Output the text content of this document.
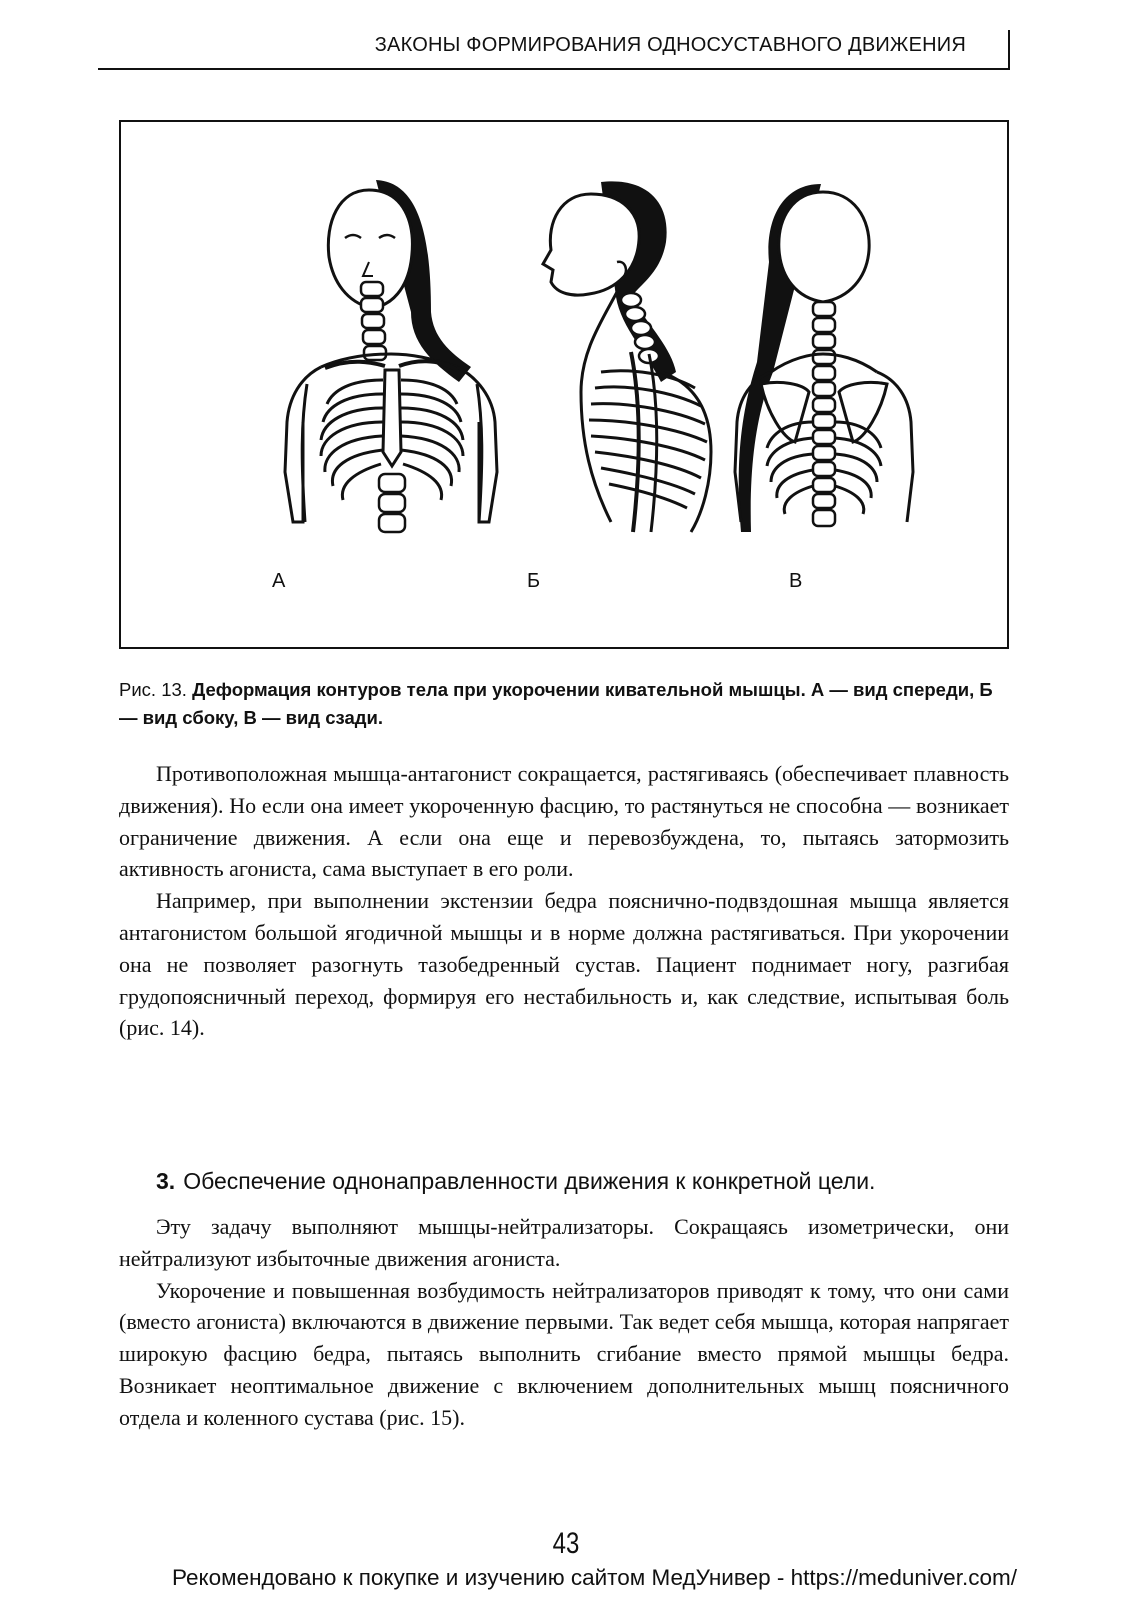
ЗАКОНЫ ФОРМИРОВАНИЯ ОДНОСУСТАВНОГО ДВИЖЕНИЯ
А	Б	В
Рис. 13. Деформация контуров тела при укорочении кивательной мышцы. А — вид спереди, Б — вид сбоку, В — вид сзади.

Противоположная мышца-антагонист сокращается, растягиваясь (обеспечивает плавность движения). Но если она имеет укороченную фасцию, то растянуться не способна — возникает ограничение движения. А если она еще и перевозбуждена, то, пытаясь затормозить активность агониста, сама выступает в его роли.

Например, при выполнении экстензии бедра пояснично-подвздошная мышца является антагонистом большой ягодичной мышцы и в норме должна растягиваться. При укорочении она не позволяет разогнуть тазобедренный сустав. Пациент поднимает ногу, разгибая грудопоясничный переход, формируя его нестабильность и, как следствие, испытывая боль (рис. 14).

3. Обеспечение однонаправленности движения к конкретной цели.

Эту задачу выполняют мышцы-нейтрализаторы. Сокращаясь изометрически, они нейтрализуют избыточные движения агониста.

Укорочение и повышенная возбудимость нейтрализаторов приводят к тому, что они сами (вместо агониста) включаются в движение первыми. Так ведет себя мышца, которая напрягает широкую фасцию бедра, пытаясь выполнить сгибание вместо прямой мышцы бедра. Возникает неоптимальное движение с включением дополнительных мышц поясничного отдела и коленного сустава (рис. 15).

43
Рекомендовано к покупке и изучению сайтом МедУнивер - https://meduniver.com/
